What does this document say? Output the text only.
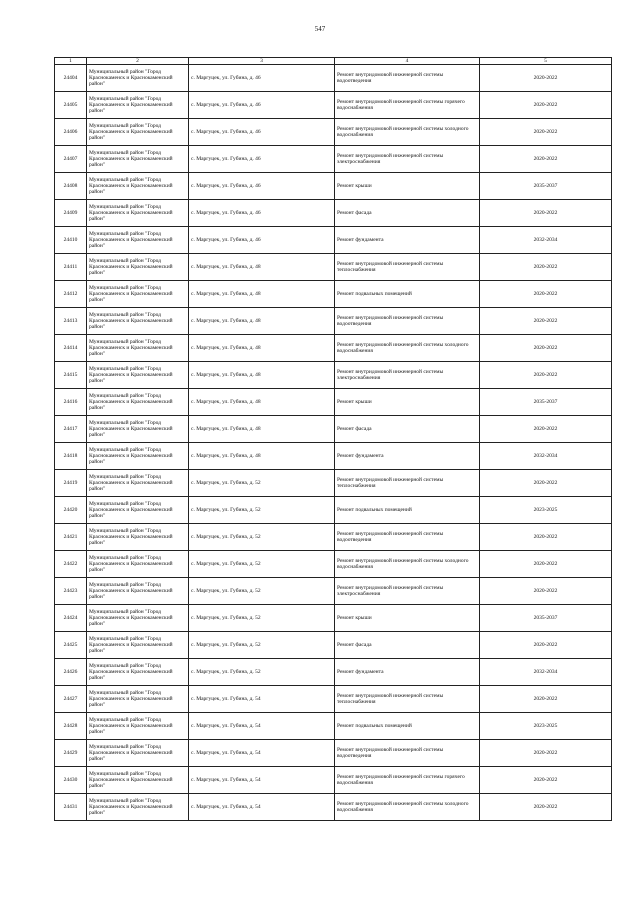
547
1	2	3	4	5
24404	Муниципальный район "Город Краснокаменск и Краснокаменский район"	с. Маргуцек, ул. Губина, д. 46	Ремонт внутридомовой инженерной системы водоотведения	2020-2022
24405	Муниципальный район "Город Краснокаменск и Краснокаменский район"	с. Маргуцек, ул. Губина, д. 46	Ремонт внутридомовой инженерной системы горячего водоснабжения	2020-2022
24406	Муниципальный район "Город Краснокаменск и Краснокаменский район"	с. Маргуцек, ул. Губина, д. 46	Ремонт внутридомовой инженерной системы холодного водоснабжения	2020-2022
24407	Муниципальный район "Город Краснокаменск и Краснокаменский район"	с. Маргуцек, ул. Губина, д. 46	Ремонт внутридомовой инженерной системы электроснабжения	2020-2022
24408	Муниципальный район "Город Краснокаменск и Краснокаменский район"	с. Маргуцек, ул. Губина, д. 46	Ремонт крыши	2035-2037
24409	Муниципальный район "Город Краснокаменск и Краснокаменский район"	с. Маргуцек, ул. Губина, д. 46	Ремонт фасада	2020-2022
24410	Муниципальный район "Город Краснокаменск и Краснокаменский район"	с. Маргуцек, ул. Губина, д. 46	Ремонт фундамента	2032-2034
24411	Муниципальный район "Город Краснокаменск и Краснокаменский район"	с. Маргуцек, ул. Губина, д. 48	Ремонт внутридомовой инженерной системы теплоснабжения	2020-2022
24412	Муниципальный район "Город Краснокаменск и Краснокаменский район"	с. Маргуцек, ул. Губина, д. 48	Ремонт подвальных помещений	2020-2022
24413	Муниципальный район "Город Краснокаменск и Краснокаменский район"	с. Маргуцек, ул. Губина, д. 48	Ремонт внутридомовой инженерной системы водоотведения	2020-2022
24414	Муниципальный район "Город Краснокаменск и Краснокаменский район"	с. Маргуцек, ул. Губина, д. 48	Ремонт внутридомовой инженерной системы холодного водоснабжения	2020-2022
24415	Муниципальный район "Город Краснокаменск и Краснокаменский район"	с. Маргуцек, ул. Губина, д. 48	Ремонт внутридомовой инженерной системы электроснабжения	2020-2022
24416	Муниципальный район "Город Краснокаменск и Краснокаменский район"	с. Маргуцек, ул. Губина, д. 48	Ремонт крыши	2035-2037
24417	Муниципальный район "Город Краснокаменск и Краснокаменский район"	с. Маргуцек, ул. Губина, д. 48	Ремонт фасада	2020-2022
24418	Муниципальный район "Город Краснокаменск и Краснокаменский район"	с. Маргуцек, ул. Губина, д. 48	Ремонт фундамента	2032-2034
24419	Муниципальный район "Город Краснокаменск и Краснокаменский район"	с. Маргуцек, ул. Губина, д. 52	Ремонт внутридомовой инженерной системы теплоснабжения	2020-2022
24420	Муниципальный район "Город Краснокаменск и Краснокаменский район"	с. Маргуцек, ул. Губина, д. 52	Ремонт подвальных помещений	2023-2025
24421	Муниципальный район "Город Краснокаменск и Краснокаменский район"	с. Маргуцек, ул. Губина, д. 52	Ремонт внутридомовой инженерной системы водоотведения	2020-2022
24422	Муниципальный район "Город Краснокаменск и Краснокаменский район"	с. Маргуцек, ул. Губина, д. 52	Ремонт внутридомовой инженерной системы холодного водоснабжения	2020-2022
24423	Муниципальный район "Город Краснокаменск и Краснокаменский район"	с. Маргуцек, ул. Губина, д. 52	Ремонт внутридомовой инженерной системы электроснабжения	2020-2022
24424	Муниципальный район "Город Краснокаменск и Краснокаменский район"	с. Маргуцек, ул. Губина, д. 52	Ремонт крыши	2035-2037
24425	Муниципальный район "Город Краснокаменск и Краснокаменский район"	с. Маргуцек, ул. Губина, д. 52	Ремонт фасада	2020-2022
24426	Муниципальный район "Город Краснокаменск и Краснокаменский район"	с. Маргуцек, ул. Губина, д. 52	Ремонт фундамента	2032-2034
24427	Муниципальный район "Город Краснокаменск и Краснокаменский район"	с. Маргуцек, ул. Губина, д. 54	Ремонт внутридомовой инженерной системы теплоснабжения	2020-2022
24428	Муниципальный район "Город Краснокаменск и Краснокаменский район"	с. Маргуцек, ул. Губина, д. 54	Ремонт подвальных помещений	2023-2025
24429	Муниципальный район "Город Краснокаменск и Краснокаменский район"	с. Маргуцек, ул. Губина, д. 54	Ремонт внутридомовой инженерной системы водоотведения	2020-2022
24430	Муниципальный район "Город Краснокаменск и Краснокаменский район"	с. Маргуцек, ул. Губина, д. 54	Ремонт внутридомовой инженерной системы горячего водоснабжения	2020-2022
24431	Муниципальный район "Город Краснокаменск и Краснокаменский район"	с. Маргуцек, ул. Губина, д. 54	Ремонт внутридомовой инженерной системы холодного водоснабжения	2020-2022
